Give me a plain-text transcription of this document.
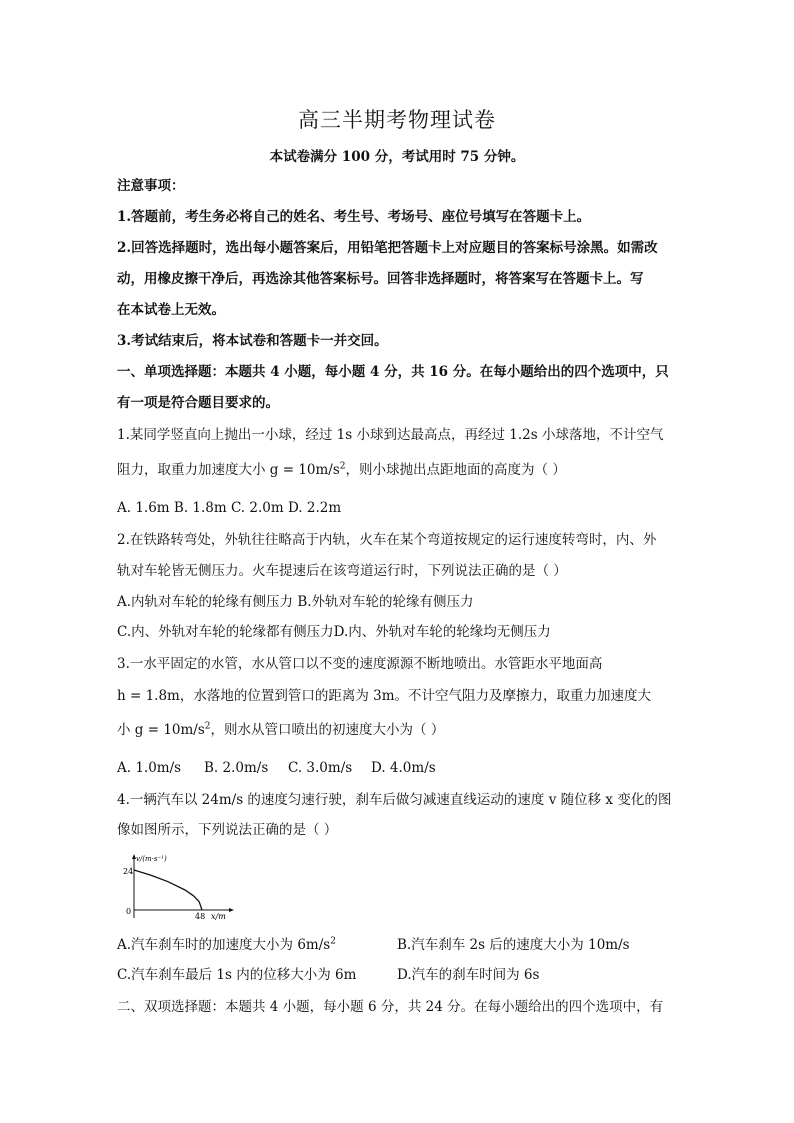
高三半期考物理试卷
本试卷满分 100 分，考试用时 75 分钟。
注意事项：
1.答题前，考生务必将自己的姓名、考生号、考场号、座位号填写在答题卡上。
2.回答选择题时，选出每小题答案后，用铅笔把答题卡上对应题目的答案标号涂黑。如需改
动，用橡皮擦干净后，再选涂其他答案标号。回答非选择题时，将答案写在答题卡上。写
在本试卷上无效。
3.考试结束后，将本试卷和答题卡一并交回。
一、单项选择题：本题共 4 小题，每小题 4 分，共 16 分。在每小题给出的四个选项中，只
有一项是符合题目要求的。
1.某同学竖直向上抛出一小球，经过 1s 小球到达最高点，再经过 1.2s 小球落地，不计空气
阻力，取重力加速度大小 $g = 10m/s^2$，则小球抛出点距地面的高度为（ ）
A. 1.6m B. 1.8m C. 2.0m D. 2.2m
2.在铁路转弯处，外轨往往略高于内轨，火车在某个弯道按规定的运行速度转弯时，内、外
轨对车轮皆无侧压力。火车提速后在该弯道运行时，下列说法正确的是（ ）
A.内轨对车轮的轮缘有侧压力 B.外轨对车轮的轮缘有侧压力
C.内、外轨对车轮的轮缘都有侧压力D.内、外轨对车轮的轮缘均无侧压力
3.一水平固定的水管，水从管口以不变的速度源源不断地喷出。水管距水平地面高
h = 1.8m，水落地的位置到管口的距离为 3m。不计空气阻力及摩擦力，取重力加速度大
小 $g = 10m/s^2$，则水从管口喷出的初速度大小为（ ）
A. 1.0m/s B. 2.0m/s C. 3.0m/s D. 4.0m/s
4.一辆汽车以 24m/s 的速度匀速行驶，刹车后做匀减速直线运动的速度 v 随位移 x 变化的图
像如图所示，下列说法正确的是（ ）
v/(m·s⁻¹)
24
0
48 x/m
A.汽车刹车时的加速度大小为 $6m/s^2$	B.汽车刹车 2s 后的速度大小为 10m/s
C.汽车刹车最后 1s 内的位移大小为 6m	D.汽车的刹车时间为 6s
二、双项选择题：本题共 4 小题，每小题 6 分，共 24 分。在每小题给出的四个选项中，有
